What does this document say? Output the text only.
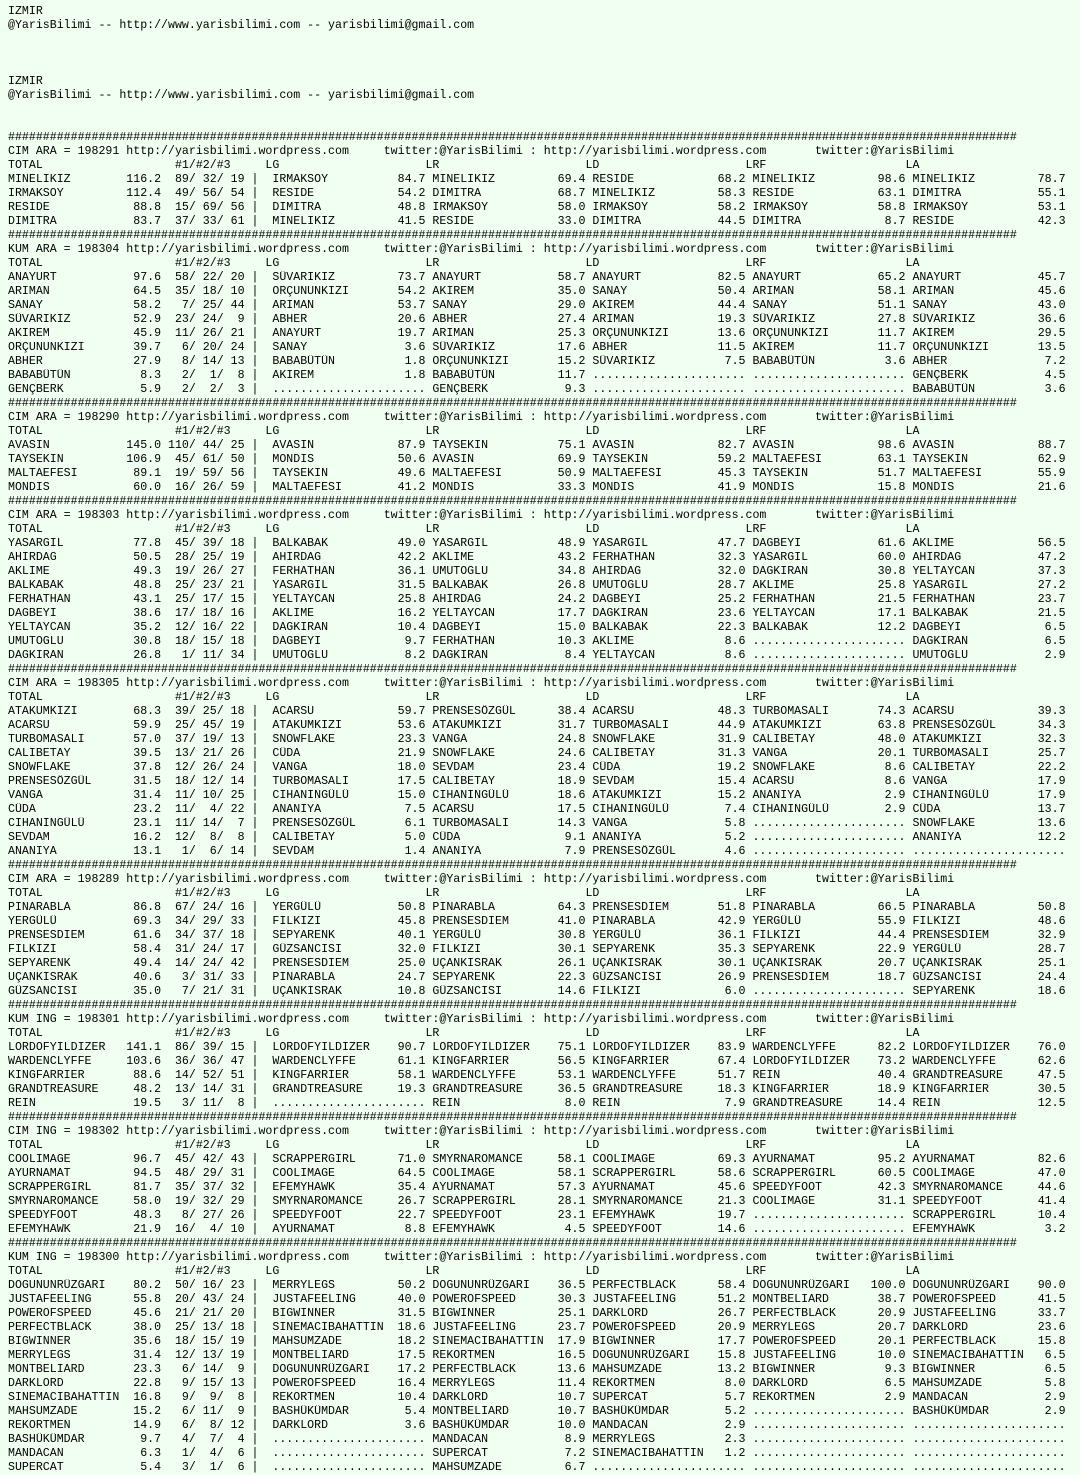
IZMIR
@YarisBilimi -- http://www.yarisbilimi.com -- yarisbilimi@gmail.com
IZMIR
@YarisBilimi -- http://www.yarisbilimi.com -- yarisbilimi@gmail.com
#################################################################################################################################################
CIM ARA = 198291 http://yarisbilimi.wordpress.com     twitter:@YarisBilimi : http://yarisbilimi.wordpress.com       twitter:@YarisBilimi
TOTAL                   #1/#2/#3     LG                     LR                     LD                     LRF                    LA
MINELIKIZ        116.2  89/ 32/ 19 |  IRMAKSOY          84.7 MINELIKIZ         69.4 RESIDE            68.2 MINELIKIZ         98.6 MINELIKIZ         78.7
IRMAKSOY         112.4  49/ 56/ 54 |  RESIDE            54.2 DIMITRA           68.7 MINELIKIZ         58.3 RESIDE            63.1 DIMITRA           55.1
RESIDE            88.8  15/ 69/ 56 |  DIMITRA           48.8 IRMAKSOY          58.0 IRMAKSOY          58.2 IRMAKSOY          58.8 IRMAKSOY          53.1
DIMITRA           83.7  37/ 33/ 61 |  MINELIKIZ         41.5 RESIDE            33.0 DIMITRA           44.5 DIMITRA            8.7 RESIDE            42.3
#################################################################################################################################################
KUM ARA = 198304 http://yarisbilimi.wordpress.com     twitter:@YarisBilimi : http://yarisbilimi.wordpress.com       twitter:@YarisBilimi
TOTAL                   #1/#2/#3     LG                     LR                     LD                     LRF                    LA
ANAYURT           97.6  58/ 22/ 20 |  SÜVARIKIZ         73.7 ANAYURT           58.7 ANAYURT           82.5 ANAYURT           65.2 ANAYURT           45.7
ARIMAN            64.5  35/ 18/ 10 |  ORÇUNUNKIZI       54.2 AKIREM            35.0 SANAY             50.4 ARIMAN            58.1 ARIMAN            45.6
SANAY             58.2   7/ 25/ 44 |  ARIMAN            53.7 SANAY             29.0 AKIREM            44.4 SANAY             51.1 SANAY             43.0
SÜVARIKIZ         52.9  23/ 24/  9 |  ABHER             20.6 ABHER             27.4 ARIMAN            19.3 SÜVARIKIZ         27.8 SÜVARIKIZ         36.6
AKIREM            45.9  11/ 26/ 21 |  ANAYURT           19.7 ARIMAN            25.3 ORÇUNUNKIZI       13.6 ORÇUNUNKIZI       11.7 AKIREM            29.5
ORÇUNUNKIZI       39.7   6/ 20/ 24 |  SANAY              3.6 SÜVARIKIZ         17.6 ABHER             11.5 AKIREM            11.7 ORÇUNUNKIZI       13.5
ABHER             27.9   8/ 14/ 13 |  BABABÜTÜN          1.8 ORÇUNUNKIZI       15.2 SÜVARIKIZ          7.5 BABABÜTÜN          3.6 ABHER              7.2
BABABÜTÜN          8.3   2/  1/  8 |  AKIREM             1.8 BABABÜTÜN         11.7 ...................... ...................... GENÇBERK           4.5
GENÇBERK           5.9   2/  2/  3 |  ...................... GENÇBERK           9.3 ...................... ...................... BABABÜTÜN          3.6
#################################################################################################################################################
CIM ARA = 198290 http://yarisbilimi.wordpress.com     twitter:@YarisBilimi : http://yarisbilimi.wordpress.com       twitter:@YarisBilimi
TOTAL                   #1/#2/#3     LG                     LR                     LD                     LRF                    LA
AVASIN           145.0 110/ 44/ 25 |  AVASIN            87.9 TAYSEKIN          75.1 AVASIN            82.7 AVASIN            98.6 AVASIN            88.7
TAYSEKIN         106.9  45/ 61/ 50 |  MONDIS            50.6 AVASIN            69.9 TAYSEKIN          59.2 MALTAEFESI        63.1 TAYSEKIN          62.9
MALTAEFESI        89.1  19/ 59/ 56 |  TAYSEKIN          49.6 MALTAEFESI        50.9 MALTAEFESI        45.3 TAYSEKIN          51.7 MALTAEFESI        55.9
MONDIS            60.0  16/ 26/ 59 |  MALTAEFESI        41.2 MONDIS            33.3 MONDIS            41.9 MONDIS            15.8 MONDIS            21.6
#################################################################################################################################################
CIM ARA = 198303 http://yarisbilimi.wordpress.com     twitter:@YarisBilimi : http://yarisbilimi.wordpress.com       twitter:@YarisBilimi
TOTAL                   #1/#2/#3     LG                     LR                     LD                     LRF                    LA
YASARGIL          77.8  45/ 39/ 18 |  BALKABAK          49.0 YASARGIL          48.9 YASARGIL          47.7 DAGBEYI           61.6 AKLIME            56.5
AHIRDAG           50.5  28/ 25/ 19 |  AHIRDAG           42.2 AKLIME            43.2 FERHATHAN         32.3 YASARGIL          60.0 AHIRDAG           47.2
AKLIME            49.3  19/ 26/ 27 |  FERHATHAN         36.1 UMUTOGLU          34.8 AHIRDAG           32.0 DAGKIRAN          30.8 YELTAYCAN         37.3
BALKABAK          48.8  25/ 23/ 21 |  YASARGIL          31.5 BALKABAK          26.8 UMUTOGLU          28.7 AKLIME            25.8 YASARGIL          27.2
FERHATHAN         43.1  25/ 17/ 15 |  YELTAYCAN         25.8 AHIRDAG           24.2 DAGBEYI           25.2 FERHATHAN         21.5 FERHATHAN         23.7
DAGBEYI           38.6  17/ 18/ 16 |  AKLIME            16.2 YELTAYCAN         17.7 DAGKIRAN          23.6 YELTAYCAN         17.1 BALKABAK          21.5
YELTAYCAN         35.2  12/ 16/ 22 |  DAGKIRAN          10.4 DAGBEYI           15.0 BALKABAK          22.3 BALKABAK          12.2 DAGBEYI            6.5
UMUTOGLU          30.8  18/ 15/ 18 |  DAGBEYI            9.7 FERHATHAN         10.3 AKLIME             8.6 ...................... DAGKIRAN           6.5
DAGKIRAN          26.8   1/ 11/ 34 |  UMUTOGLU           8.2 DAGKIRAN           8.4 YELTAYCAN          8.6 ...................... UMUTOGLU           2.9
#################################################################################################################################################
CIM ARA = 198305 http://yarisbilimi.wordpress.com     twitter:@YarisBilimi : http://yarisbilimi.wordpress.com       twitter:@YarisBilimi
TOTAL                   #1/#2/#3     LG                     LR                     LD                     LRF                    LA
ATAKUMKIZI        68.3  39/ 25/ 18 |  ACARSU            59.7 PRENSESÖZGÜL      38.4 ACARSU            48.3 TURBOMASALI       74.3 ACARSU            39.3
ACARSU            59.9  25/ 45/ 19 |  ATAKUMKIZI        53.6 ATAKUMKIZI        31.7 TURBOMASALI       44.9 ATAKUMKIZI        63.8 PRENSESÖZGÜL      34.3
TURBOMASALI       57.0  37/ 19/ 13 |  SNOWFLAKE         23.3 VANGA             24.8 SNOWFLAKE         31.9 CALIBETAY         48.0 ATAKUMKIZI        32.3
CALIBETAY         39.5  13/ 21/ 26 |  CÜDA              21.9 SNOWFLAKE         24.6 CALIBETAY         31.3 VANGA             20.1 TURBOMASALI       25.7
SNOWFLAKE         37.8  12/ 26/ 24 |  VANGA             18.0 SEVDAM            23.4 CÜDA              19.2 SNOWFLAKE          8.6 CALIBETAY         22.2
PRENSESÖZGÜL      31.5  18/ 12/ 14 |  TURBOMASALI       17.5 CALIBETAY         18.9 SEVDAM            15.4 ACARSU             8.6 VANGA             17.9
VANGA             31.4  11/ 10/ 25 |  CIHANINGÜLÜ       15.0 CIHANINGÜLÜ       18.6 ATAKUMKIZI        15.2 ANANIYA            2.9 CIHANINGÜLÜ       17.9
CÜDA              23.2  11/  4/ 22 |  ANANIYA            7.5 ACARSU            17.5 CIHANINGÜLÜ        7.4 CIHANINGÜLÜ        2.9 CÜDA              13.7
CIHANINGÜLÜ       23.1  11/ 14/  7 |  PRENSESÖZGÜL       6.1 TURBOMASALI       14.3 VANGA              5.8 ...................... SNOWFLAKE         13.6
SEVDAM            16.2  12/  8/  8 |  CALIBETAY          5.0 CÜDA               9.1 ANANIYA            5.2 ...................... ANANIYA           12.2
ANANIYA           13.1   1/  6/ 14 |  SEVDAM             1.4 ANANIYA            7.9 PRENSESÖZGÜL       4.6 ...................... ......................
#################################################################################################################################################
CIM ARA = 198289 http://yarisbilimi.wordpress.com     twitter:@YarisBilimi : http://yarisbilimi.wordpress.com       twitter:@YarisBilimi
TOTAL                   #1/#2/#3     LG                     LR                     LD                     LRF                    LA
PINARABLA         86.8  67/ 24/ 16 |  YERGÜLÜ           50.8 PINARABLA         64.3 PRENSESDIEM       51.8 PINARABLA         66.5 PINARABLA         50.8
YERGÜLÜ           69.3  34/ 29/ 33 |  FILKIZI           45.8 PRENSESDIEM       41.0 PINARABLA         42.9 YERGÜLÜ           55.9 FILKIZI           48.6
PRENSESDIEM       61.6  34/ 37/ 18 |  SEPYARENK         40.1 YERGÜLÜ           30.8 YERGÜLÜ           36.1 FILKIZI           44.4 PRENSESDIEM       32.9
FILKIZI           58.4  31/ 24/ 17 |  GÜZSANCISI        32.0 FILKIZI           30.1 SEPYARENK         35.3 SEPYARENK         22.9 YERGÜLÜ           28.7
SEPYARENK         49.4  14/ 24/ 42 |  PRENSESDIEM       25.0 UÇANKISRAK        26.1 UÇANKISRAK        30.1 UÇANKISRAK        20.7 UÇANKISRAK        25.1
UÇANKISRAK        40.6   3/ 31/ 33 |  PINARABLA         24.7 SEPYARENK         22.3 GÜZSANCISI        26.9 PRENSESDIEM       18.7 GÜZSANCISI        24.4
GÜZSANCISI        35.0   7/ 21/ 31 |  UÇANKISRAK        10.8 GÜZSANCISI        14.6 FILKIZI            6.0 ...................... SEPYARENK         18.6
#################################################################################################################################################
KUM ING = 198301 http://yarisbilimi.wordpress.com     twitter:@YarisBilimi : http://yarisbilimi.wordpress.com       twitter:@YarisBilimi
TOTAL                   #1/#2/#3     LG                     LR                     LD                     LRF                    LA
LORDOFYILDIZER   141.1  86/ 39/ 15 |  LORDOFYILDIZER    90.7 LORDOFYILDIZER    75.1 LORDOFYILDIZER    83.9 WARDENCLYFFE      82.2 LORDOFYILDIZER    76.0
WARDENCLYFFE     103.6  36/ 36/ 47 |  WARDENCLYFFE      61.1 KINGFARRIER       56.5 KINGFARRIER       67.4 LORDOFYILDIZER    73.2 WARDENCLYFFE      62.6
KINGFARRIER       88.6  14/ 52/ 51 |  KINGFARRIER       58.1 WARDENCLYFFE      53.1 WARDENCLYFFE      51.7 REIN              40.4 GRANDTREASURE     47.5
GRANDTREASURE     48.2  13/ 14/ 31 |  GRANDTREASURE     19.3 GRANDTREASURE     36.5 GRANDTREASURE     18.3 KINGFARRIER       18.9 KINGFARRIER       30.5
REIN              19.5   3/ 11/  8 |  ...................... REIN               8.0 REIN               7.9 GRANDTREASURE     14.4 REIN              12.5
#################################################################################################################################################
CIM ING = 198302 http://yarisbilimi.wordpress.com     twitter:@YarisBilimi : http://yarisbilimi.wordpress.com       twitter:@YarisBilimi
TOTAL                   #1/#2/#3     LG                     LR                     LD                     LRF                    LA
COOLIMAGE         96.7  45/ 42/ 43 |  SCRAPPERGIRL      71.0 SMYRNAROMANCE     58.1 COOLIMAGE         69.3 AYURNAMAT         95.2 AYURNAMAT         82.6
AYURNAMAT         94.5  48/ 29/ 31 |  COOLIMAGE         64.5 COOLIMAGE         58.1 SCRAPPERGIRL      58.6 SCRAPPERGIRL      60.5 COOLIMAGE         47.0
SCRAPPERGIRL      81.7  35/ 37/ 32 |  EFEMYHAWK         35.4 AYURNAMAT         57.3 AYURNAMAT         45.6 SPEEDYFOOT        42.3 SMYRNAROMANCE     44.6
SMYRNAROMANCE     58.0  19/ 32/ 29 |  SMYRNAROMANCE     26.7 SCRAPPERGIRL      28.1 SMYRNAROMANCE     21.3 COOLIMAGE         31.1 SPEEDYFOOT        41.4
SPEEDYFOOT        48.3   8/ 27/ 26 |  SPEEDYFOOT        22.7 SPEEDYFOOT        23.1 EFEMYHAWK         19.7 ...................... SCRAPPERGIRL      10.4
EFEMYHAWK         21.9  16/  4/ 10 |  AYURNAMAT          8.8 EFEMYHAWK          4.5 SPEEDYFOOT        14.6 ...................... EFEMYHAWK          3.2
#################################################################################################################################################
KUM ING = 198300 http://yarisbilimi.wordpress.com     twitter:@YarisBilimi : http://yarisbilimi.wordpress.com       twitter:@YarisBilimi
TOTAL                   #1/#2/#3     LG                     LR                     LD                     LRF                    LA
DOGUNUNRÜZGARI    80.2  50/ 16/ 23 |  MERRYLEGS         50.2 DOGUNUNRÜZGARI    36.5 PERFECTBLACK      58.4 DOGUNUNRÜZGARI   100.0 DOGUNUNRÜZGARI    90.0
JUSTAFEELING      55.8  20/ 43/ 24 |  JUSTAFEELING      40.0 POWEROFSPEED      30.3 JUSTAFEELING      51.2 MONTBELIARD       38.7 POWEROFSPEED      41.5
POWEROFSPEED      45.6  21/ 21/ 20 |  BIGWINNER         31.5 BIGWINNER         25.1 DARKLORD          26.7 PERFECTBLACK      20.9 JUSTAFEELING      33.7
PERFECTBLACK      38.0  25/ 13/ 18 |  SINEMACIBAHATTIN  18.6 JUSTAFEELING      23.7 POWEROFSPEED      20.9 MERRYLEGS         20.7 DARKLORD          23.6
BIGWINNER         35.6  18/ 15/ 19 |  MAHSUMZADE        18.2 SINEMACIBAHATTIN  17.9 BIGWINNER         17.7 POWEROFSPEED      20.1 PERFECTBLACK      15.8
MERRYLEGS         31.4  12/ 13/ 19 |  MONTBELIARD       17.5 REKORTMEN         16.5 DOGUNUNRÜZGARI    15.8 JUSTAFEELING      10.0 SINEMACIBAHATTIN   6.5
MONTBELIARD       23.3   6/ 14/  9 |  DOGUNUNRÜZGARI    17.2 PERFECTBLACK      13.6 MAHSUMZADE        13.2 BIGWINNER          9.3 BIGWINNER          6.5
DARKLORD          22.8   9/ 15/ 13 |  POWEROFSPEED      16.4 MERRYLEGS         11.4 REKORTMEN          8.0 DARKLORD           6.5 MAHSUMZADE         5.8
SINEMACIBAHATTIN  16.8   9/  9/  8 |  REKORTMEN         10.4 DARKLORD          10.7 SUPERCAT           5.7 REKORTMEN          2.9 MANDACAN           2.9
MAHSUMZADE        15.2   6/ 11/  9 |  BASHÜKÜMDAR        5.4 MONTBELIARD       10.7 BASHÜKÜMDAR        5.2 ...................... BASHÜKÜMDAR        2.9
REKORTMEN         14.9   6/  8/ 12 |  DARKLORD           3.6 BASHÜKÜMDAR       10.0 MANDACAN           2.9 ...................... ......................
BASHÜKÜMDAR        9.7   4/  7/  4 |  ...................... MANDACAN           8.9 MERRYLEGS          2.3 ...................... ......................
MANDACAN           6.3   1/  4/  6 |  ...................... SUPERCAT           7.2 SINEMACIBAHATTIN   1.2 ...................... ......................
SUPERCAT           5.4   3/  1/  6 |  ...................... MAHSUMZADE         6.7 ...................... ...................... ......................
